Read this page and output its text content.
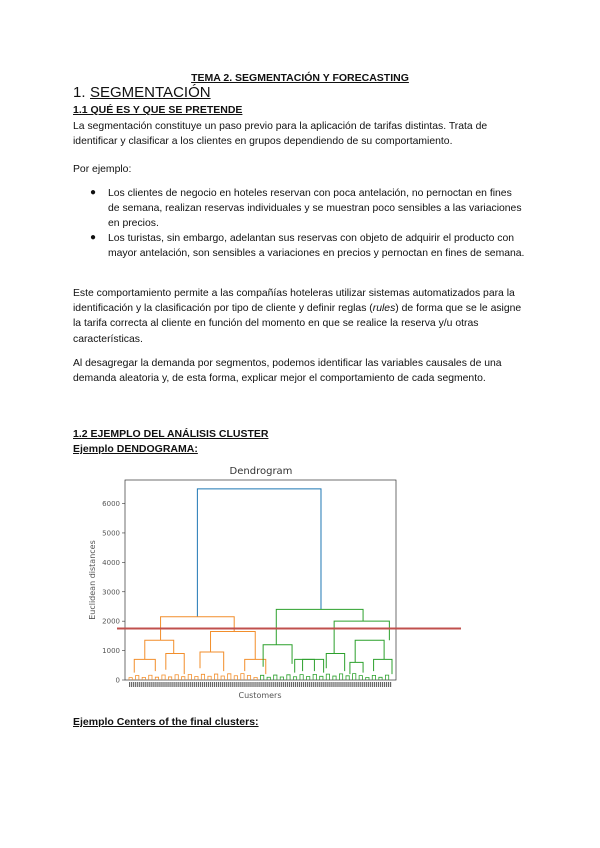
TEMA 2. SEGMENTACIÓN Y FORECASTING
1. SEGMENTACIÓN
1.1 QUÉ ES Y QUE SE PRETENDE
La segmentación constituye un paso previo para la aplicación de tarifas distintas. Trata de identificar y clasificar a los clientes en grupos dependiendo de su comportamiento.
Por ejemplo:
● Los clientes de negocio en hoteles reservan con poca antelación, no pernoctan en fines de semana, realizan reservas individuales y se muestran poco sensibles a las variaciones en precios.
● Los turistas, sin embargo, adelantan sus reservas con objeto de adquirir el producto con mayor antelación, son sensibles a variaciones en precios y pernoctan en fines de semana.
Este comportamiento permite a las compañías hoteleras utilizar sistemas automatizados para la identificación y la clasificación por tipo de cliente y definir reglas (rules) de forma que se le asigne la tarifa correcta al cliente en función del momento en que se realice la reserva y/u otras características.
Al desagregar la demanda por segmentos, podemos identificar las variables causales de una demanda aleatoria y, de esta forma, explicar mejor el comportamiento de cada segmento.
1.2 EJEMPLO DEL ANÁLISIS CLUSTER
Ejemplo DENDOGRAMA:
Dendrogram
0
1000
2000
3000
4000
5000
6000
Customers
Euclidean distances
Ejemplo Centers of the final clusters:
